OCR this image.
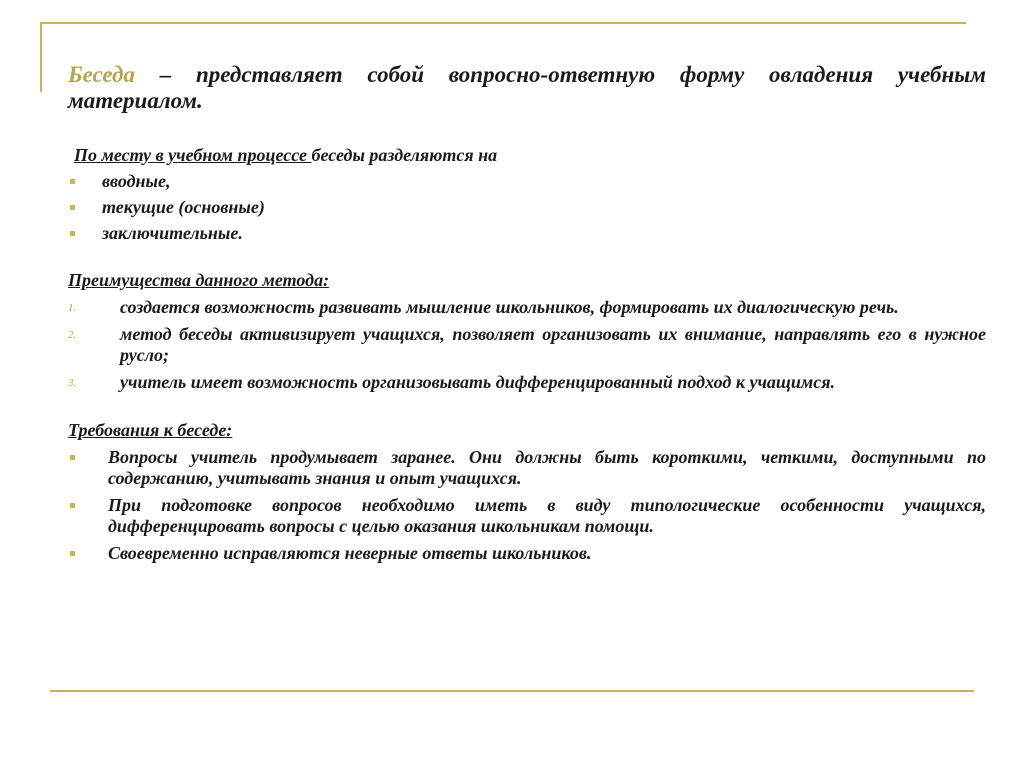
Беседа – представляет собой вопросно-ответную форму овладения учебным материалом.

По месту в учебном процессе беседы разделяются на

вводные,
текущие (основные)
заключительные.

Преимущества данного метода:

1. создается возможность развивать мышление школьников, формировать их диалогическую речь.
2. метод беседы активизирует учащихся, позволяет организовать их внимание, направлять его в нужное русло;
3. учитель имеет возможность организовывать дифференцированный подход к учащимся.

Требования к беседе:

Вопросы учитель продумывает заранее. Они должны быть короткими, четкими, доступными по содержанию, учитывать знания и опыт учащихся.
При подготовке вопросов необходимо иметь в виду типологические особенности учащихся, дифференцировать вопросы с целью оказания школьникам помощи.
Своевременно исправляются неверные ответы школьников.
